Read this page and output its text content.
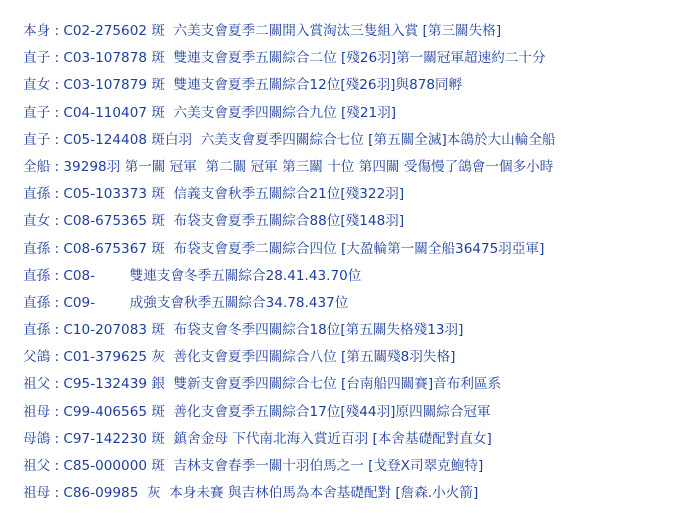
本身 : C02-275602 斑  六美支會夏季二關開入賞淘汰三隻組入賞 [第三關失格]
直子 : C03-107878 斑  雙連支會夏季五關綜合二位 [殘26羽]第一關冠軍超速約二十分
直女 : C03-107879 斑  雙連支會夏季五關綜合12位[殘26羽]與878同孵
直子 : C04-110407 斑  六美支會夏季四關綜合九位 [殘21羽]
直子 : C05-124408 斑白羽  六美支會夏季四關綜合七位 [第五關全滅]本鴿於大山輪全船
全船 : 39298羽 第一關 冠軍  第二關 冠軍 第三關 十位 第四關 受傷慢了鴿會一個多小時
直孫 : C05-103373 斑  信義支會秋季五關綜合21位[殘322羽]
直女 : C08-675365 斑  布袋支會夏季五關綜合88位[殘148羽]
直孫 : C08-675367 斑  布袋支會夏季二關綜合四位 [大盈輪第一關全船36475羽亞軍]
直孫 : C08-        雙連支會冬季五關綜合28.41.43.70位
直孫 : C09-        成強支會秋季五關綜合34.78.437位
直孫 : C10-207083 斑  布袋支會冬季四關綜合18位[第五關失格殘13羽]
父鴿 : C01-379625 灰  善化支會夏季四關綜合八位 [第五關殘8羽失格]
祖父 : C95-132439 銀  雙新支會夏季四關綜合七位 [台南船四關賽]音布利區系
祖母 : C99-406565 斑  善化支會夏季五關綜合17位[殘44羽]原四關綜合冠軍
母鴿 : C97-142230 斑  鎮舍金母 下代南北海入賞近百羽 [本舍基礎配對直女]
祖父 : C85-000000 斑  吉林支會春季一關十羽伯馬之一 [戈登X司翠克鮑特]
祖母 : C86-09985  灰  本身未賽 與吉林伯馬為本舍基礎配對 [詹森.小火箭]
